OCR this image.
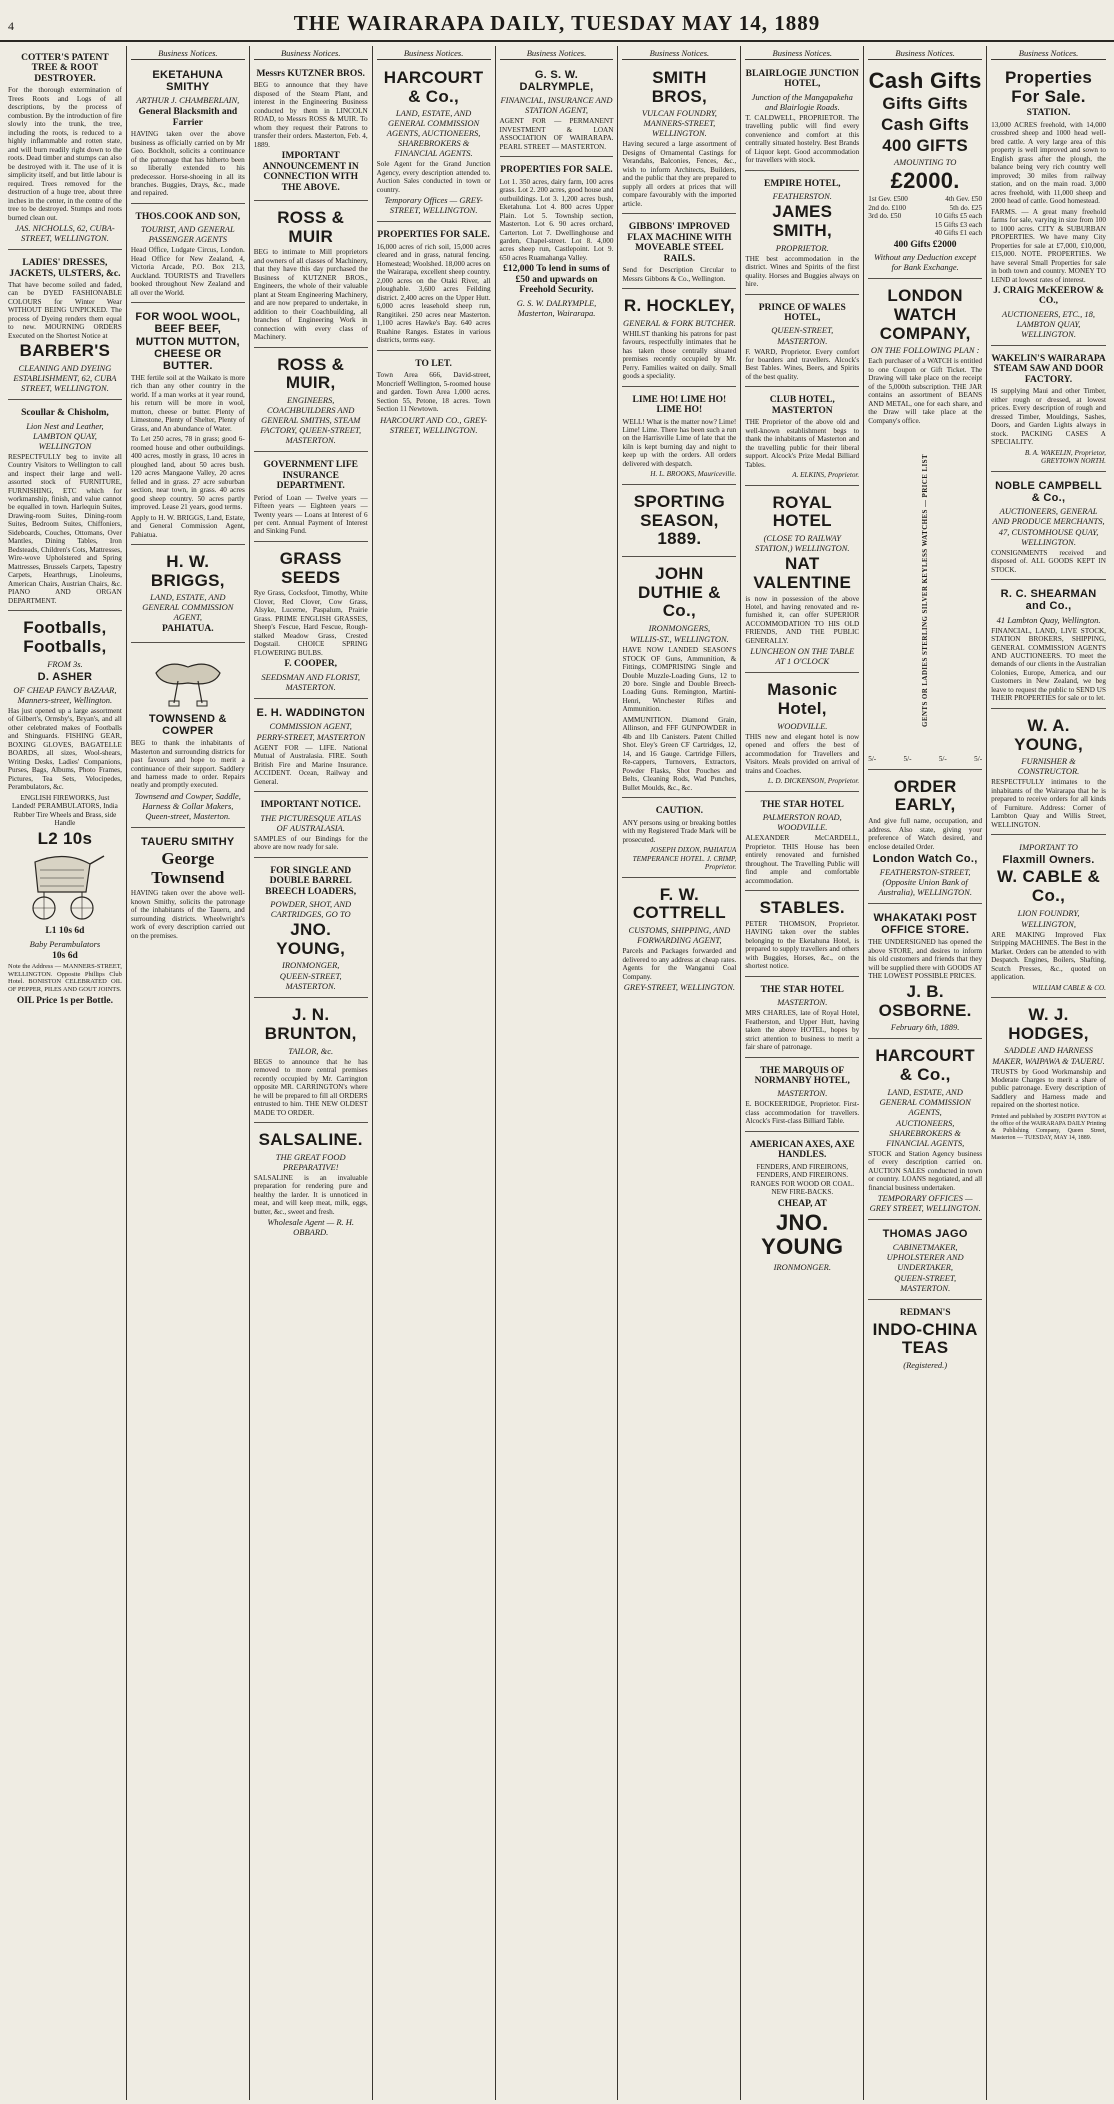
4	THE WAIRARAPA DAILY, TUESDAY MAY 14, 1889
COTTER'S PATENT TREE & ROOT DESTROYER.
For the thorough extermination of Trees Roots and Logs of all descriptions, by the process of combustion. By the introduction of fire slowly into the trunk, the tree, including the roots, is reduced to a highly inflammable and rotten state, and will burn readily right down to the roots. Dead timber and stumps can also be destroyed with it. The use of it is simplicity itself, and but little labour is required. Trees removed for the destruction of a huge tree, about three inches in the center, in the centre of the tree to be destroyed. Stumps and roots burned clean out.
JAS. NICHOLLS, 62, CUBA-STREET, WELLINGTON.
LADIES' DRESSES, JACKETS, ULSTERS, &c.
That have become soiled and faded, can be DYED FASHIONABLE COLOURS for Winter Wear WITHOUT BEING UNPICKED. The process of Dyeing renders them equal to new. MOURNING ORDERS Executed on the Shortest Notice at
BARBER'S
CLEANING AND DYEING ESTABLISHMENT, 62, CUBA STREET, WELLINGTON.
Scoullar & Chisholm,
Lion Nest and Leather, LAMBTON QUAY, WELLINGTON
RESPECTFULLY beg to invite all Country Visitors to Wellington to call and inspect their large and well-assorted stock of FURNITURE, FURNISHING, ETC which for workmanship, finish, and value cannot be equalled in town. Harlequin Suites, Drawing-room Suites, Dining-room Suites, Bedroom Suites, Chiffoniers, Sideboards, Couches, Ottomans, Over Mantles, Dining Tables, Iron Bedsteads, Children's Cots, Mattresses, Wire-wove Upholstered and Spring Mattresses, Brussels Carpets, Tapestry Carpets, Hearthrugs, Linoleums, American Chairs, Austrian Chairs, &c. PIANO AND ORGAN DEPARTMENT.
Footballs, Footballs,
FROM 3s.
D. ASHER
OF CHEAP FANCY BAZAAR, Manners-street, Wellington.
Has just opened up a large assortment of Gilbert's, Ormsby's, Bryan's, and all other celebrated makes of Footballs and Shinguards. FISHING GEAR, BOXING GLOVES, BAGATELLE BOARDS, all sizes, Wool-shears, Writing Desks, Ladies' Companions, Purses, Bags, Albums, Photo Frames, Pictures, Tea Sets, Velocipedes, Perambulators, &c.
ENGLISH FIREWORKS, Just Landed! PERAMBULATORS, India Rubber Tire Wheels and Brass, side Handle
L2 10s
L1 10s 6d
Baby Perambulators
10s 6d
Note the Address — MANNERS-STREET, WELLINGTON. Opposite Phillips Club Hotel. BONISTON CELEBRATED OIL OF PEPPER, PILES AND GOUT JOINTS.
OIL Price 1s per Bottle.
Business Notices.
EKETAHUNA SMITHY
ARTHUR J. CHAMBERLAIN,
General Blacksmith and Farrier
HAVING taken over the above business as officially carried on by Mr Geo. Bockholt, solicits a continuance of the patronage that has hitherto been so liberally extended to his predecessor. Horse-shoeing in all its branches. Buggies, Drays, &c., made and repaired.
THOS.COOK AND SON,
TOURIST, AND GENERAL PASSENGER AGENTS
Head Office, Ludgate Circus, London. Head Office for New Zealand, 4, Victoria Arcade, P.O. Box 213, Auckland. TOURISTS and Travellers booked throughout New Zealand and all over the World.
FOR WOOL WOOL, BEEF BEEF, MUTTON MUTTON, CHEESE OR BUTTER.
THE fertile soil at the Waikato is more rich than any other country in the world. If a man works at it year round, his return will be more in wool, mutton, cheese or butter. Plenty of Limestone, Plenty of Shelter, Plenty of Grass, and An abundance of Water.
To Let 250 acres, 78 in grass; good 6-roomed house and other outbuildings. 400 acres, mostly in grass, 10 acres in ploughed land, about 50 acres bush. 120 acres Mangaone Valley, 20 acres felled and in grass. 27 acre suburban section, near town, in grass. 40 acres good sheep country. 50 acres partly improved. Lease 21 years, good terms.
Apply to H. W. BRIGGS, Land, Estate, and General Commission Agent, Pahiatua.
H. W. BRIGGS,
LAND, ESTATE, AND GENERAL COMMISSION AGENT,
PAHIATUA.
TOWNSEND & COWPER
BEG to thank the inhabitants of Masterton and surrounding districts for past favours and hope to merit a continuance of their support. Saddlery and harness made to order. Repairs neatly and promptly executed.
Townsend and Cowper, Saddle, Harness & Collar Makers, Queen-street, Masterton.
TAUERU SMITHY
George Townsend
HAVING taken over the above well-known Smithy, solicits the patronage of the inhabitants of the Taueru, and surrounding districts. Wheelwright's work of every description carried out on the premises.
Business Notices.
Messrs KUTZNER BROS.
BEG to announce that they have disposed of the Steam Plant, and interest in the Engineering Business conducted by them in LINCOLN ROAD, to Messrs ROSS & MUIR. To whom they request their Patrons to transfer their orders. Masterton, Feb. 4, 1889.
IMPORTANT ANNOUNCEMENT IN CONNECTION WITH THE ABOVE.
ROSS & MUIR
BEG to intimate to Mill proprietors and owners of all classes of Machinery, that they have this day purchased the Business of KUTZNER BROS., Engineers, the whole of their valuable plant at Steam Engineering Machinery, and are now prepared to undertake, in addition to their Coachbuilding, all branches of Engineering Work in connection with every class of Machinery.
ROSS & MUIR,
ENGINEERS, COACHBUILDERS AND GENERAL SMITHS, STEAM FACTORY, QUEEN-STREET, MASTERTON.
GOVERNMENT LIFE INSURANCE DEPARTMENT.
Period of Loan — Twelve years — Fifteen years — Eighteen years — Twenty years — Loans at Interest of 6 per cent. Annual Payment of Interest and Sinking Fund.
GRASS SEEDS
Rye Grass, Cocksfoot, Timothy, White Clover, Red Clover, Cow Grass, Alsyke, Lucerne, Paspalum, Prairie Grass. PRIME ENGLISH GRASSES, Sheep's Fescue, Hard Fescue, Rough-stalked Meadow Grass, Crested Dogstail. CHOICE SPRING FLOWERING BULBS.
F. COOPER,
SEEDSMAN AND FLORIST, MASTERTON.
E. H. WADDINGTON
COMMISSION AGENT,
PERRY-STREET, MASTERTON
AGENT FOR — LIFE. National Mutual of Australasia. FIRE. South British Fire and Marine Insurance. ACCIDENT. Ocean, Railway and General.
IMPORTANT NOTICE.
THE PICTURESQUE ATLAS OF AUSTRALASIA.
SAMPLES of our Bindings for the above are now ready for sale.
FOR SINGLE AND DOUBLE BARREL BREECH LOADERS,
POWDER, SHOT, AND CARTRIDGES, GO TO
JNO. YOUNG,
IRONMONGER,
QUEEN-STREET, MASTERTON.
J. N. BRUNTON,
TAILOR, &c.
BEGS to announce that he has removed to more central premises recently occupied by Mr. Carrington opposite MR. CARRINGTON's where he will be prepared to fill all ORDERS entrusted to him. THE NEW OLDEST MADE TO ORDER.
SALSALINE.
THE GREAT FOOD PREPARATIVE!
SALSALINE is an invaluable preparation for rendering pure and healthy the larder. It is unnoticed in meat, and will keep meat, milk, eggs, butter, &c., sweet and fresh.
Wholesale Agent — R. H. OBBARD.
Business Notices.
HARCOURT & Co.,
LAND, ESTATE, AND GENERAL COMMISSION AGENTS, AUCTIONEERS, SHAREBROKERS & FINANCIAL AGENTS.
Sole Agent for the Grand Junction Agency, every description attended to. Auction Sales conducted in town or country.
Temporary Offices — GREY-STREET, WELLINGTON.
PROPERTIES FOR SALE.
16,000 acres of rich soil, 15,000 acres cleared and in grass, natural fencing. Homestead; Woolshed. 18,000 acres on the Wairarapa, excellent sheep country. 2,000 acres on the Otaki River, all ploughable. 3,600 acres Feilding district. 2,400 acres on the Upper Hutt. 6,000 acres leasehold sheep run, Rangitikei. 250 acres near Masterton. 1,100 acres Hawke's Bay. 640 acres Ruahine Ranges. Estates in various districts, terms easy.
TO LET.
Town Area 666, David-street, Moncrieff Wellington, 5-roomed house and garden. Town Area 1,000 acres. Section 55, Petone, 18 acres. Town Section 11 Newtown.
HARCOURT AND CO., GREY-STREET, WELLINGTON.
Business Notices.
G. S. W. DALRYMPLE,
FINANCIAL, INSURANCE AND STATION AGENT,
AGENT FOR — PERMANENT INVESTMENT & LOAN ASSOCIATION OF WAIRARAPA. PEARL STREET — MASTERTON.
PROPERTIES FOR SALE.
Lot 1. 350 acres, dairy farm, 100 acres grass. Lot 2. 200 acres, good house and outbuildings. Lot 3. 1,200 acres bush, Eketahuna. Lot 4. 800 acres Upper Plain. Lot 5. Township section, Masterton. Lot 6. 90 acres orchard, Carterton. Lot 7. Dwellinghouse and garden, Chapel-street. Lot 8. 4,000 acres sheep run, Castlepoint. Lot 9. 650 acres Ruamahanga Valley.
£12,000 To lend in sums of £50 and upwards on Freehold Security.
G. S. W. DALRYMPLE, Masterton, Wairarapa.
Business Notices.
SMITH BROS,
VULCAN FOUNDRY, MANNERS-STREET, WELLINGTON.
Having secured a large assortment of Designs of Ornamental Castings for Verandahs, Balconies, Fences, &c., wish to inform Architects, Builders, and the public that they are prepared to supply all orders at prices that will compare favourably with the imported article.
GIBBONS' IMPROVED FLAX MACHINE WITH MOVEABLE STEEL RAILS.
Send for Description Circular to Messrs Gibbons & Co., Wellington.
R. HOCKLEY,
GENERAL & FORK BUTCHER.
WHILST thanking his patrons for past favours, respectfully intimates that he has taken those centrally situated premises recently occupied by Mr. Perry. Families waited on daily. Small goods a speciality.
LIME HO! LIME HO! LIME HO!
WELL! What is the matter now? Lime! Lime! Lime. There has been such a run on the Harrisville Lime of late that the kiln is kept burning day and night to keep up with the orders. All orders delivered with despatch.
H. L. BROOKS, Mauriceville.
SPORTING SEASON, 1889.
JOHN DUTHIE & Co.,
IRONMONGERS,
WILLIS-ST., WELLINGTON.
HAVE NOW LANDED SEASON'S STOCK OF Guns, Ammunition, & Fittings, COMPRISING Single and Double Muzzle-Loading Guns, 12 to 20 bore. Single and Double Breech-Loading Guns. Remington, Martini-Henri, Winchester Rifles and Ammunition.
AMMUNITION. Diamond Grain, Allinson, and FFF GUNPOWDER in 4lb and 1lb Canisters. Patent Chilled Shot. Eley's Green CF Cartridges, 12, 14, and 16 Gauge. Cartridge Fillers, Re-cappers, Turnovers, Extractors, Powder Flasks, Shot Pouches and Belts, Cleaning Rods, Wad Punches, Bullet Moulds, &c., &c.
CAUTION.
ANY persons using or breaking bottles with my Registered Trade Mark will be prosecuted.
JOSEPH DIXON, PAHIATUA TEMPERANCE HOTEL. J. CRIMP, Proprietor.
F. W. COTTRELL
CUSTOMS, SHIPPING, AND FORWARDING AGENT,
Parcels and Packages forwarded and delivered to any address at cheap rates. Agents for the Wanganui Coal Company.
GREY-STREET, WELLINGTON.
Business Notices.
BLAIRLOGIE JUNCTION HOTEL,
Junction of the Mangapakeha and Blairlogie Roads.
T. CALDWELL, PROPRIETOR. The travelling public will find every convenience and comfort at this centrally situated hostelry. Best Brands of Liquor kept. Good accommodation for travellers with stock.
EMPIRE HOTEL,
FEATHERSTON.
JAMES SMITH,
PROPRIETOR.
THE best accommodation in the district. Wines and Spirits of the first quality. Horses and Buggies always on hire.
PRINCE OF WALES HOTEL,
QUEEN-STREET, MASTERTON.
F. WARD, Proprietor. Every comfort for boarders and travellers. Alcock's Best Tables. Wines, Beers, and Spirits of the best quality.
CLUB HOTEL, MASTERTON
THE Proprietor of the above old and well-known establishment begs to thank the inhabitants of Masterton and the travelling public for their liberal support. Alcock's Prize Medal Billiard Tables.
A. ELKINS, Proprietor.
ROYAL HOTEL
(CLOSE TO RAILWAY STATION,) WELLINGTON.
NAT VALENTINE
is now in possession of the above Hotel, and having renovated and re-furnished it, can offer SUPERIOR ACCOMMODATION TO HIS OLD FRIENDS, AND THE PUBLIC GENERALLY.
LUNCHEON ON THE TABLE AT 1 O'CLOCK
Masonic Hotel,
WOODVILLE.
THIS new and elegant hotel is now opened and offers the best of accommodation for Travellers and Visitors. Meals provided on arrival of trains and Coaches.
L. D. DICKENSON, Proprietor.
THE STAR HOTEL
PALMERSTON ROAD, WOODVILLE.
ALEXANDER McCARDELL, Proprietor. THIS House has been entirely renovated and furnished throughout. The Travelling Public will find ample and comfortable accommodation.
STABLES.
PETER THOMSON, Proprietor. HAVING taken over the stables belonging to the Eketahuna Hotel, is prepared to supply travellers and others with Buggies, Horses, &c., on the shortest notice.
THE STAR HOTEL
MASTERTON.
MRS CHARLES, late of Royal Hotel, Featherston, and Upper Hutt, having taken the above HOTEL, hopes by strict attention to business to merit a fair share of patronage.
THE MARQUIS OF NORMANBY HOTEL,
MASTERTON.
E. BOCKEERIDGE, Proprietor. First-class accommodation for travellers. Alcock's First-class Billiard Table.
AMERICAN AXES, AXE HANDLES.
FENDERS, AND FIREIRONS, FENDERS, AND FIREIRONS. RANGES FOR WOOD OR COAL. NEW FIRE-BACKS.
CHEAP, AT
JNO. YOUNG
IRONMONGER.
Business Notices.
Cash Gifts
Gifts Gifts
Cash Gifts
400 GIFTS
AMOUNTING TO
£2000.
1st Gev. £500	4th Gev. £50
2nd do. £100	5th do. £25
3rd do. £50	10 Gifts £5 each
15 Gifts £3 each
40 Gifts £1 each
400 Gifts £2000
Without any Deduction except for Bank Exchange.
LONDON WATCH COMPANY,
ON THE FOLLOWING PLAN :
Each purchaser of a WATCH is entitled to one Coupon or Gift Ticket. The Drawing will take place on the receipt of the 5,000th subscription. THE JAR contains an assortment of BEANS AND METAL, one for each share, and the Draw will take place at the Company's office.
GENTS OR LADIES STERLING SILVER KEYLESS WATCHES — PRICE LIST
5/-	5/-	5/-	5/-
ORDER EARLY,
And give full name, occupation, and address. Also state, giving your preference of Watch desired, and enclose detailed Order.
London Watch Co.,
FEATHERSTON-STREET, (Opposite Union Bank of Australia), WELLINGTON.
WHAKATAKI POST OFFICE STORE.
THE UNDERSIGNED has opened the above STORE, and desires to inform his old customers and friends that they will be supplied there with GOODS AT THE LOWEST POSSIBLE PRICES.
J. B. OSBORNE.
February 6th, 1889.
HARCOURT & Co.,
LAND, ESTATE, AND GENERAL COMMISSION AGENTS,
AUCTIONEERS, SHAREBROKERS & FINANCIAL AGENTS,
STOCK and Station Agency business of every description carried on. AUCTION SALES conducted in town or country. LOANS negotiated, and all financial business undertaken.
TEMPORARY OFFICES — GREY STREET, WELLINGTON.
THOMAS JAGO
CABINETMAKER, UPHOLSTERER AND UNDERTAKER,
QUEEN-STREET, MASTERTON.
REDMAN'S
INDO-CHINA TEAS
(Registered.)
Business Notices.
Properties For Sale.
STATION.
13,000 ACRES freehold, with 14,000 crossbred sheep and 1000 head well-bred cattle. A very large area of this property is well improved and sown to English grass after the plough, the balance being very rich country well improved; 30 miles from railway station, and on the main road. 3,000 acres freehold, with 11,000 sheep and 2000 head of cattle. Good homestead.
FARMS. — A great many freehold farms for sale, varying in size from 100 to 1000 acres. CITY & SUBURBAN PROPERTIES. We have many City Properties for sale at £7,000, £10,000, £15,000. NOTE. PROPERTIES. We have several Small Properties for sale in both town and country. MONEY TO LEND at lowest rates of interest.
J. CRAIG McKEEROW & CO.,
AUCTIONEERS, ETC., 18, LAMBTON QUAY, WELLINGTON.
WAKELIN'S WAIRARAPA STEAM SAW AND DOOR FACTORY.
IS supplying Maui and other Timber, either rough or dressed, at lowest prices. Every description of rough and dressed Timber, Mouldings, Sashes, Doors, and Garden Lights always in stock. PACKING CASES A SPECIALITY.
B. A. WAKELIN, Proprietor, GREYTOWN NORTH.
NOBLE CAMPBELL & Co.,
AUCTIONEERS, GENERAL AND PRODUCE MERCHANTS,
47, CUSTOMHOUSE QUAY, WELLINGTON.
CONSIGNMENTS received and disposed of. ALL GOODS KEPT IN STOCK.
R. C. SHEARMAN and Co.,
41 Lambton Quay, Wellington.
FINANCIAL, LAND, LIVE STOCK, STATION BROKERS, SHIPPING, GENERAL COMMISSION AGENTS AND AUCTIONEERS. TO meet the demands of our clients in the Australian Colonies, Europe, America, and our Customers in New Zealand, we beg leave to request the public to SEND US THEIR PROPERTIES for sale or to let.
W. A. YOUNG,
FURNISHER & CONSTRUCTOR.
RESPECTFULLY intimates to the inhabitants of the Wairarapa that he is prepared to receive orders for all kinds of Furniture. Address: Corner of Lambton Quay and Willis Street, WELLINGTON.
IMPORTANT TO
Flaxmill Owners.
W. CABLE & Co.,
LION FOUNDRY,
WELLINGTON,
ARE MAKING Improved Flax Stripping MACHINES. The Best in the Market. Orders can be attended to with Despatch. Engines, Boilers, Shafting, Scutch Presses, &c., quoted on application.
WILLIAM CABLE & CO.
W. J. HODGES,
SADDLE AND HARNESS MAKER, WAIPAWA & TAUERU.
TRUSTS by Good Workmanship and Moderate Charges to merit a share of public patronage. Every description of Saddlery and Harness made and repaired on the shortest notice.
Printed and published by JOSEPH PAYTON at the office of the WAIRARAPA DAILY Printing & Publishing Company, Queen Street, Masterton — TUESDAY, MAY 14, 1889.
